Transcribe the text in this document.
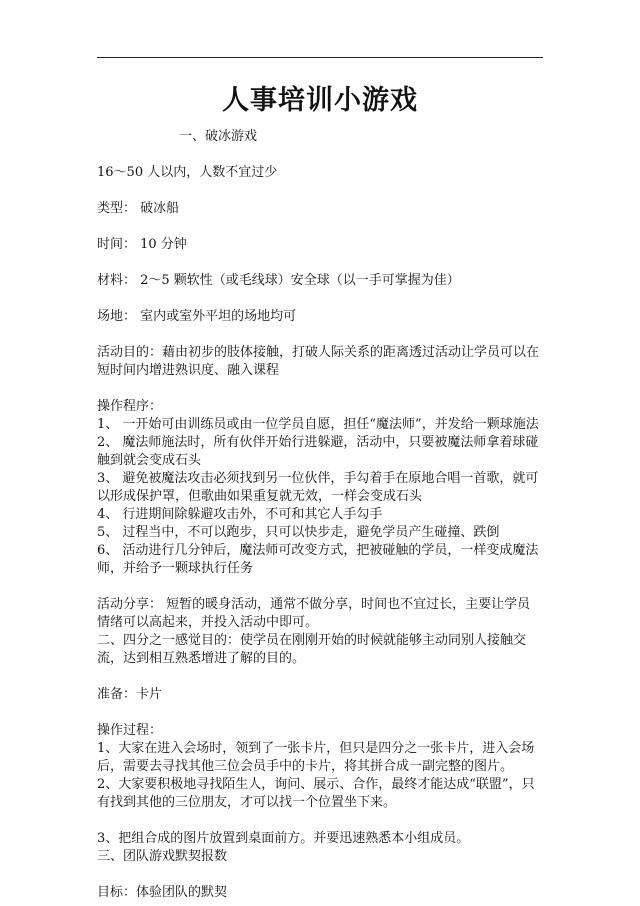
人事培训小游戏

一、破冰游戏

16～50 人以内，人数不宜过少

类型： 破冰船

时间： 10 分钟

材料： 2～5 颗软性（或毛线球）安全球（以一手可掌握为佳）

场地： 室内或室外平坦的场地均可

活动目的：藉由初步的肢体接触，打破人际关系的距离透过活动让学员可以在短时间内增进熟识度、融入课程

操作程序：

1、 一开始可由训练员或由一位学员自愿，担任“魔法师”，并发给一颗球施法

2、 魔法师施法时，所有伙伴开始行进躲避，活动中，只要被魔法师拿着球碰触到就会变成石头

3、 避免被魔法攻击必须找到另一位伙伴，手勾着手在原地合唱一首歌，就可以形成保护罩，但歌曲如果重复就无效，一样会变成石头

4、 行进期间除躲避攻击外，不可和其它人手勾手

5、 过程当中，不可以跑步，只可以快步走，避免学员产生碰撞、跌倒

6、 活动进行几分钟后，魔法师可改变方式，把被碰触的学员，一样变成魔法师，并给予一颗球执行任务

活动分享： 短暂的暖身活动，通常不做分享，时间也不宜过长，主要让学员情绪可以高起来，并投入活动中即可。

二、四分之一感觉目的：使学员在刚刚开始的时候就能够主动同别人接触交流，达到相互熟悉增进了解的目的。

准备：卡片

操作过程：

1、大家在进入会场时，领到了一张卡片，但只是四分之一张卡片，进入会场后，需要去寻找其他三位会员手中的卡片，将其拼合成一副完整的图片。

2、大家要积极地寻找陌生人，询问、展示、合作，最终才能达成“联盟”，只有找到其他的三位朋友，才可以找一个位置坐下来。

3、把组合成的图片放置到桌面前方。并要迅速熟悉本小组成员。

三、团队游戏默契报数

目标：体验团队的默契
